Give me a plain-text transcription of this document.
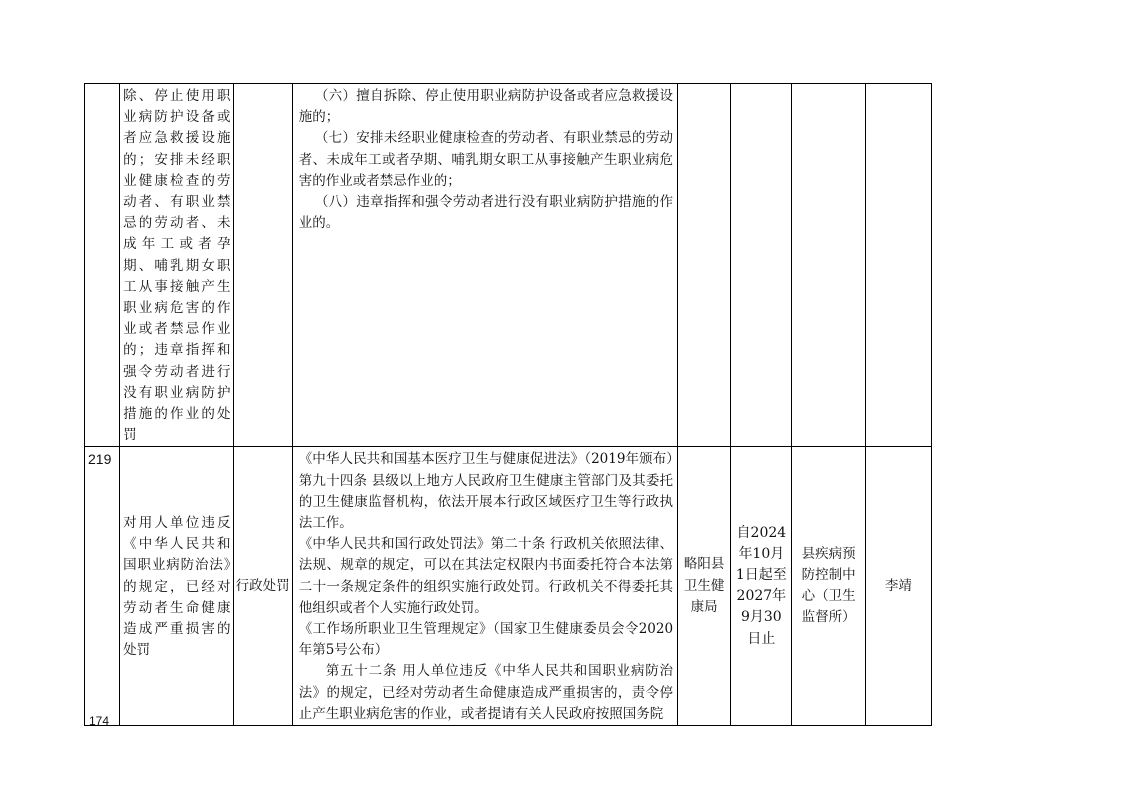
	除、停止使用职业病防护设备或者应急救援设施的；安排未经职业健康检查的劳动者、有职业禁忌的劳动者、未成年工或者孕期、哺乳期女职工从事接触产生职业病危害的作业或者禁忌作业的；违章指挥和强令劳动者进行没有职业病防护措施的作业的处罚		（六）擅自拆除、停止使用职业病防护设备或者应急救援设施的；

（七）安排未经职业健康检查的劳动者、有职业禁忌的劳动者、未成年工或者孕期、哺乳期女职工从事接触产生职业病危害的作业或者禁忌作业的；

（八）违章指挥和强令劳动者进行没有职业病防护措施的作业的。				

219	对用人单位违反《中华人民共和国职业病防治法》的规定，已经对劳动者生命健康造成严重损害的处罚	行政处罚	《中华人民共和国基本医疗卫生与健康促进法》（2019年颁布）第九十四条 县级以上地方人民政府卫生健康主管部门及其委托的卫生健康监督机构，依法开展本行政区域医疗卫生等行政执法工作。

《中华人民共和国行政处罚法》第二十条 行政机关依照法律、法规、规章的规定，可以在其法定权限内书面委托符合本法第二十一条规定条件的组织实施行政处罚。行政机关不得委托其他组织或者个人实施行政处罚。

《工作场所职业卫生管理规定》（国家卫生健康委员会令2020年第5号公布）

第五十二条 用人单位违反《中华人民共和国职业病防治法》的规定，已经对劳动者生命健康造成严重损害的，责令停止产生职业病危害的作业，或者提请有关人民政府按照国务院	略阳县卫生健康局	自2024年10月1日起至2027年9月30日止	县疾病预防控制中心（卫生监督所）	李靖
174
